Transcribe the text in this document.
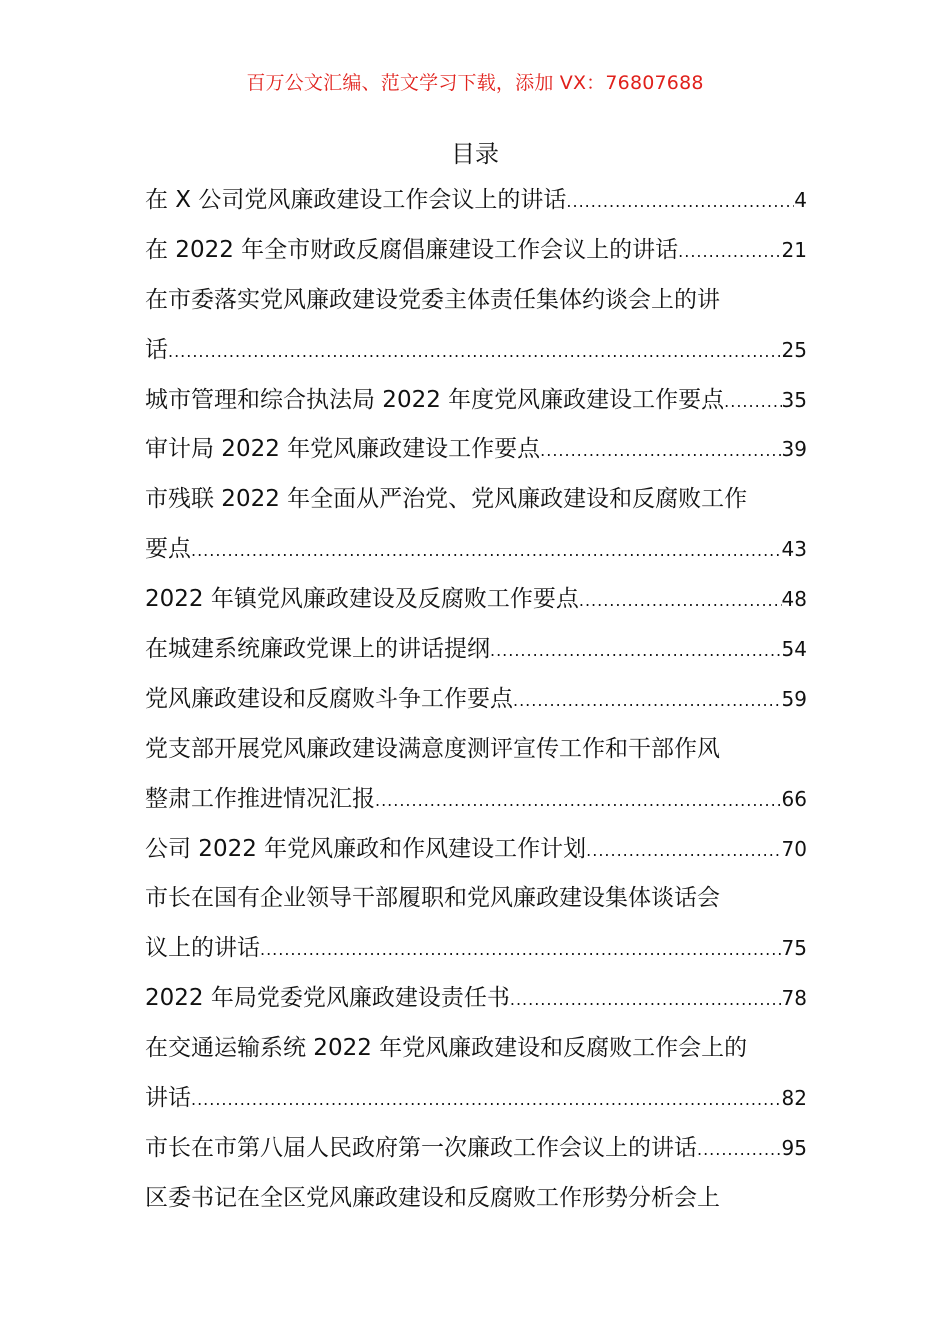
百万公文汇编、范文学习下载，添加 VX：76807688
目录
在 X 公司党风廉政建设工作会议上的讲话 .....	4
在 2022 年全市财政反腐倡廉建设工作会议上的讲话 .....	21
在市委落实党风廉政建设党委主体责任集体约谈会上的讲
话 .....	25
城市管理和综合执法局 2022 年度党风廉政建设工作要点 .....	35
审计局 2022 年党风廉政建设工作要点 .....	39
市残联 2022 年全面从严治党、党风廉政建设和反腐败工作
要点 .....	43
2022 年镇党风廉政建设及反腐败工作要点 .....	48
在城建系统廉政党课上的讲话提纲 .....	54
党风廉政建设和反腐败斗争工作要点 .....	59
党支部开展党风廉政建设满意度测评宣传工作和干部作风
整肃工作推进情况汇报 .....	66
公司 2022 年党风廉政和作风建设工作计划 .....	70
市长在国有企业领导干部履职和党风廉政建设集体谈话会
议上的讲话 .....	75
2022 年局党委党风廉政建设责任书 .....	78
在交通运输系统 2022 年党风廉政建设和反腐败工作会上的
讲话 .....	82
市长在市第八届人民政府第一次廉政工作会议上的讲话 .....	95
区委书记在全区党风廉政建设和反腐败工作形势分析会上
